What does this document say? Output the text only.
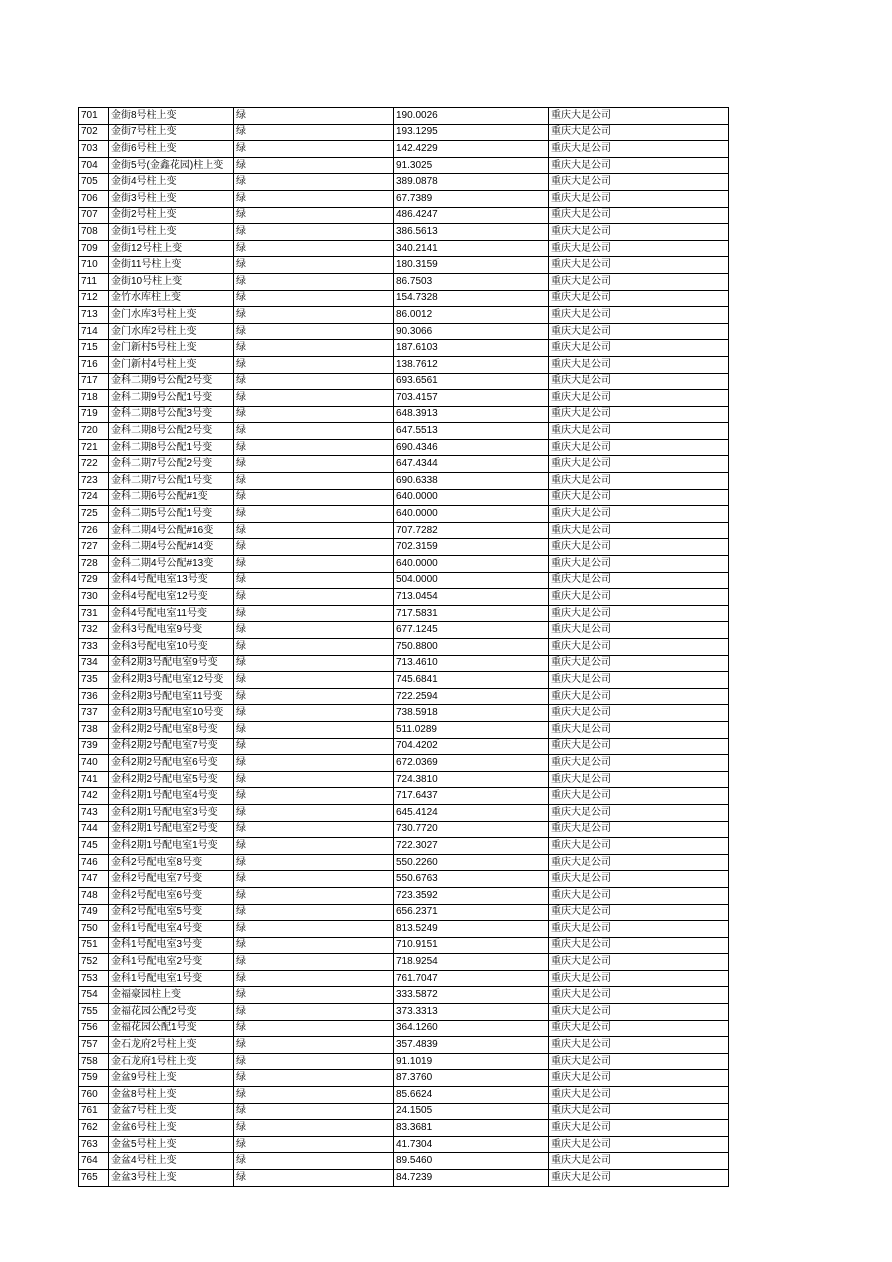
701	金街8号柱上变	绿	190.0026	重庆大足公司
702	金街7号柱上变	绿	193.1295	重庆大足公司
703	金街6号柱上变	绿	142.4229	重庆大足公司
704	金街5号(金鑫花园)柱上变	绿	91.3025	重庆大足公司
705	金街4号柱上变	绿	389.0878	重庆大足公司
706	金街3号柱上变	绿	67.7389	重庆大足公司
707	金街2号柱上变	绿	486.4247	重庆大足公司
708	金街1号柱上变	绿	386.5613	重庆大足公司
709	金街12号柱上变	绿	340.2141	重庆大足公司
710	金街11号柱上变	绿	180.3159	重庆大足公司
711	金街10号柱上变	绿	86.7503	重庆大足公司
712	金竹水库柱上变	绿	154.7328	重庆大足公司
713	金门水库3号柱上变	绿	86.0012	重庆大足公司
714	金门水库2号柱上变	绿	90.3066	重庆大足公司
715	金门新村5号柱上变	绿	187.6103	重庆大足公司
716	金门新村4号柱上变	绿	138.7612	重庆大足公司
717	金科二期9号公配2号变	绿	693.6561	重庆大足公司
718	金科二期9号公配1号变	绿	703.4157	重庆大足公司
719	金科二期8号公配3号变	绿	648.3913	重庆大足公司
720	金科二期8号公配2号变	绿	647.5513	重庆大足公司
721	金科二期8号公配1号变	绿	690.4346	重庆大足公司
722	金科二期7号公配2号变	绿	647.4344	重庆大足公司
723	金科二期7号公配1号变	绿	690.6338	重庆大足公司
724	金科二期6号公配#1变	绿	640.0000	重庆大足公司
725	金科二期5号公配1号变	绿	640.0000	重庆大足公司
726	金科二期4号公配#16变	绿	707.7282	重庆大足公司
727	金科二期4号公配#14变	绿	702.3159	重庆大足公司
728	金科二期4号公配#13变	绿	640.0000	重庆大足公司
729	金科4号配电室13号变	绿	504.0000	重庆大足公司
730	金科4号配电室12号变	绿	713.0454	重庆大足公司
731	金科4号配电室11号变	绿	717.5831	重庆大足公司
732	金科3号配电室9号变	绿	677.1245	重庆大足公司
733	金科3号配电室10号变	绿	750.8800	重庆大足公司
734	金科2期3号配电室9号变	绿	713.4610	重庆大足公司
735	金科2期3号配电室12号变	绿	745.6841	重庆大足公司
736	金科2期3号配电室11号变	绿	722.2594	重庆大足公司
737	金科2期3号配电室10号变	绿	738.5918	重庆大足公司
738	金科2期2号配电室8号变	绿	511.0289	重庆大足公司
739	金科2期2号配电室7号变	绿	704.4202	重庆大足公司
740	金科2期2号配电室6号变	绿	672.0369	重庆大足公司
741	金科2期2号配电室5号变	绿	724.3810	重庆大足公司
742	金科2期1号配电室4号变	绿	717.6437	重庆大足公司
743	金科2期1号配电室3号变	绿	645.4124	重庆大足公司
744	金科2期1号配电室2号变	绿	730.7720	重庆大足公司
745	金科2期1号配电室1号变	绿	722.3027	重庆大足公司
746	金科2号配电室8号变	绿	550.2260	重庆大足公司
747	金科2号配电室7号变	绿	550.6763	重庆大足公司
748	金科2号配电室6号变	绿	723.3592	重庆大足公司
749	金科2号配电室5号变	绿	656.2371	重庆大足公司
750	金科1号配电室4号变	绿	813.5249	重庆大足公司
751	金科1号配电室3号变	绿	710.9151	重庆大足公司
752	金科1号配电室2号变	绿	718.9254	重庆大足公司
753	金科1号配电室1号变	绿	761.7047	重庆大足公司
754	金福豪园柱上变	绿	333.5872	重庆大足公司
755	金福花园公配2号变	绿	373.3313	重庆大足公司
756	金福花园公配1号变	绿	364.1260	重庆大足公司
757	金石龙府2号柱上变	绿	357.4839	重庆大足公司
758	金石龙府1号柱上变	绿	91.1019	重庆大足公司
759	金盆9号柱上变	绿	87.3760	重庆大足公司
760	金盆8号柱上变	绿	85.6624	重庆大足公司
761	金盆7号柱上变	绿	24.1505	重庆大足公司
762	金盆6号柱上变	绿	83.3681	重庆大足公司
763	金盆5号柱上变	绿	41.7304	重庆大足公司
764	金盆4号柱上变	绿	89.5460	重庆大足公司
765	金盆3号柱上变	绿	84.7239	重庆大足公司
